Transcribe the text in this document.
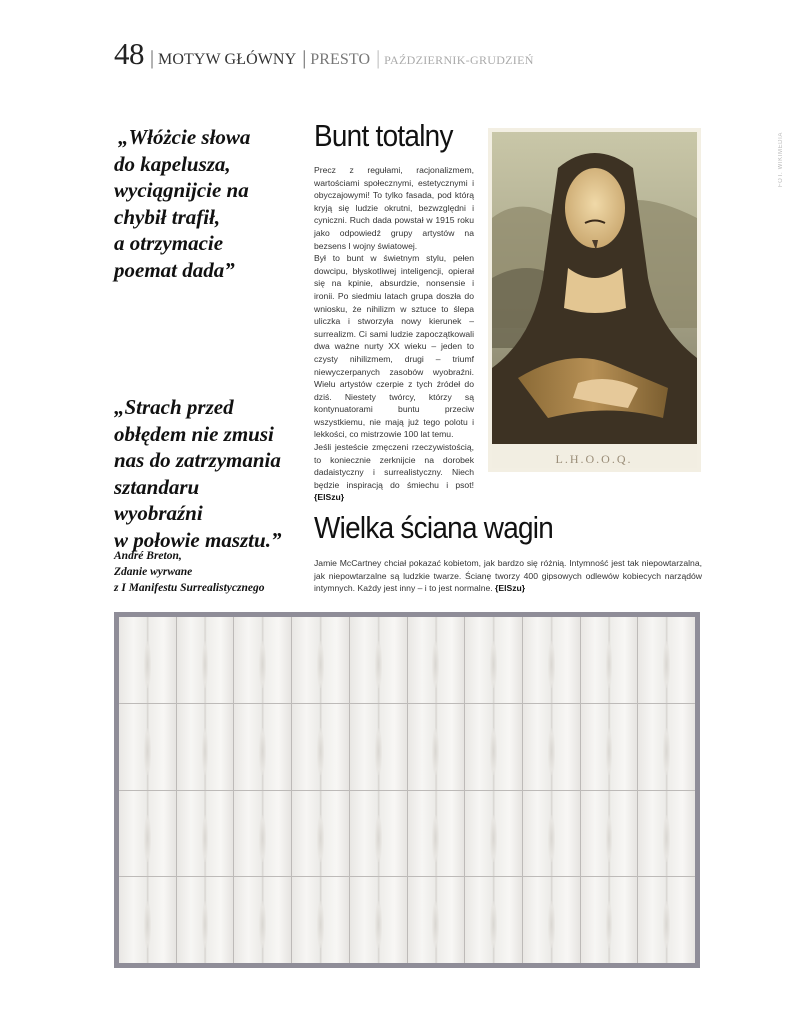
48 | MOTYW GŁÓWNY | PRESTO | PAŹDZIERNIK-GRUDZIEŃ
„Włóżcie słowa
do kapelusza,
wyciągnijcie na
chybił trafił,
a otrzymacie
poemat dada”
„Strach przed
obłędem nie zmusi
nas do zatrzymania
sztandaru
wyobraźni
w połowie masztu.”
André Breton,
Zdanie wyrwane
z I Manifestu Surrealistycznego
Bunt totalny
Precz z regułami, racjonalizmem, wartościami społecznymi, estetycznymi i obyczajowymi! To tylko fasada, pod którą kryją się ludzie okrutni, bezwzględni i cyniczni. Ruch dada powstał w 1915 roku jako odpowiedź grupy artystów na bezsens I wojny światowej.
Był to bunt w świetnym stylu, pełen dowcipu, błyskotliwej inteligencji, opierał się na kpinie, absurdzie, nonsensie i ironii. Po siedmiu latach grupa doszła do wniosku, że nihilizm w sztuce to ślepa uliczka i stworzyła nowy kierunek – surrealizm. Ci sami ludzie zapoczątkowali dwa ważne nurty XX wieku – jeden to czysty nihilizmem, drugi – triumf niewyczerpanych zasobów wyobraźni. Wielu artystów czerpie z tych źródeł do dziś. Niestety twórcy, którzy są kontynuatorami buntu przeciw wszystkiemu, nie mają już tego polotu i lekkości, co mistrzowie 100 lat temu.
Jeśli jesteście zmęczeni rzeczywistością, to koniecznie zerknijcie na dorobek dadaistyczny i surrealistyczny. Niech będzie inspiracją do śmiechu i psot! {ElSzu}
L.H.O.O.Q.
FOT. WIKIMEDIA
Wielka ściana wagin
Jamie McCartney chciał pokazać kobietom, jak bardzo się różnią. Intymność jest tak niepowtarzalna, jak niepowtarzalne są ludzkie twarze. Ścianę tworzy 400 gipsowych odlewów kobiecych narządów intymnych. Każdy jest inny – i to jest normalne. {ElSzu}
